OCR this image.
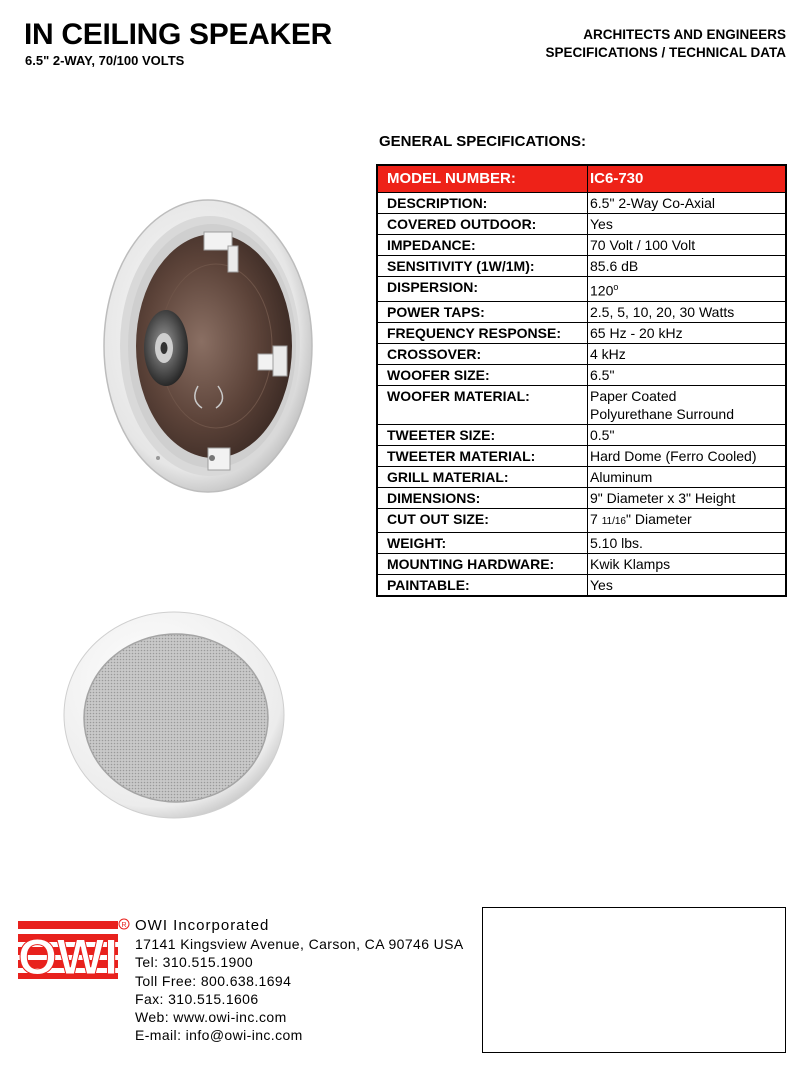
IN CEILING SPEAKER
6.5" 2-WAY, 70/100 VOLTS
ARCHITECTS AND ENGINEERS
SPECIFICATIONS / TECHNICAL DATA
GENERAL SPECIFICATIONS:
MODEL NUMBER:	IC6-730
DESCRIPTION:	6.5" 2-Way Co-Axial
COVERED OUTDOOR:	Yes
IMPEDANCE:	70 Volt / 100 Volt
SENSITIVITY (1W/1M):	85.6 dB
DISPERSION:	120$^o$
POWER TAPS:	2.5, 5, 10, 20, 30 Watts
FREQUENCY RESPONSE:	65 Hz - 20 kHz
CROSSOVER:	4 kHz
WOOFER SIZE:	6.5"
WOOFER MATERIAL:	Paper Coated
Polyurethane Surround

TWEETER SIZE:	0.5"
TWEETER MATERIAL:	Hard Dome (Ferro Cooled)
GRILL MATERIAL:	Aluminum
DIMENSIONS:	9" Diameter x 3" Height
CUT OUT SIZE:	7 11/16" Diameter
WEIGHT:	5.10 lbs.
MOUNTING HARDWARE:	Kwik Klamps
PAINTABLE:	Yes
OWI
R OWI Incorporated
17141 Kingsview Avenue, Carson, CA 90746 USA
Tel: 310.515.1900
Toll Free: 800.638.1694
Fax: 310.515.1606
Web: www.owi-inc.com
E-mail: info@owi-inc.com
